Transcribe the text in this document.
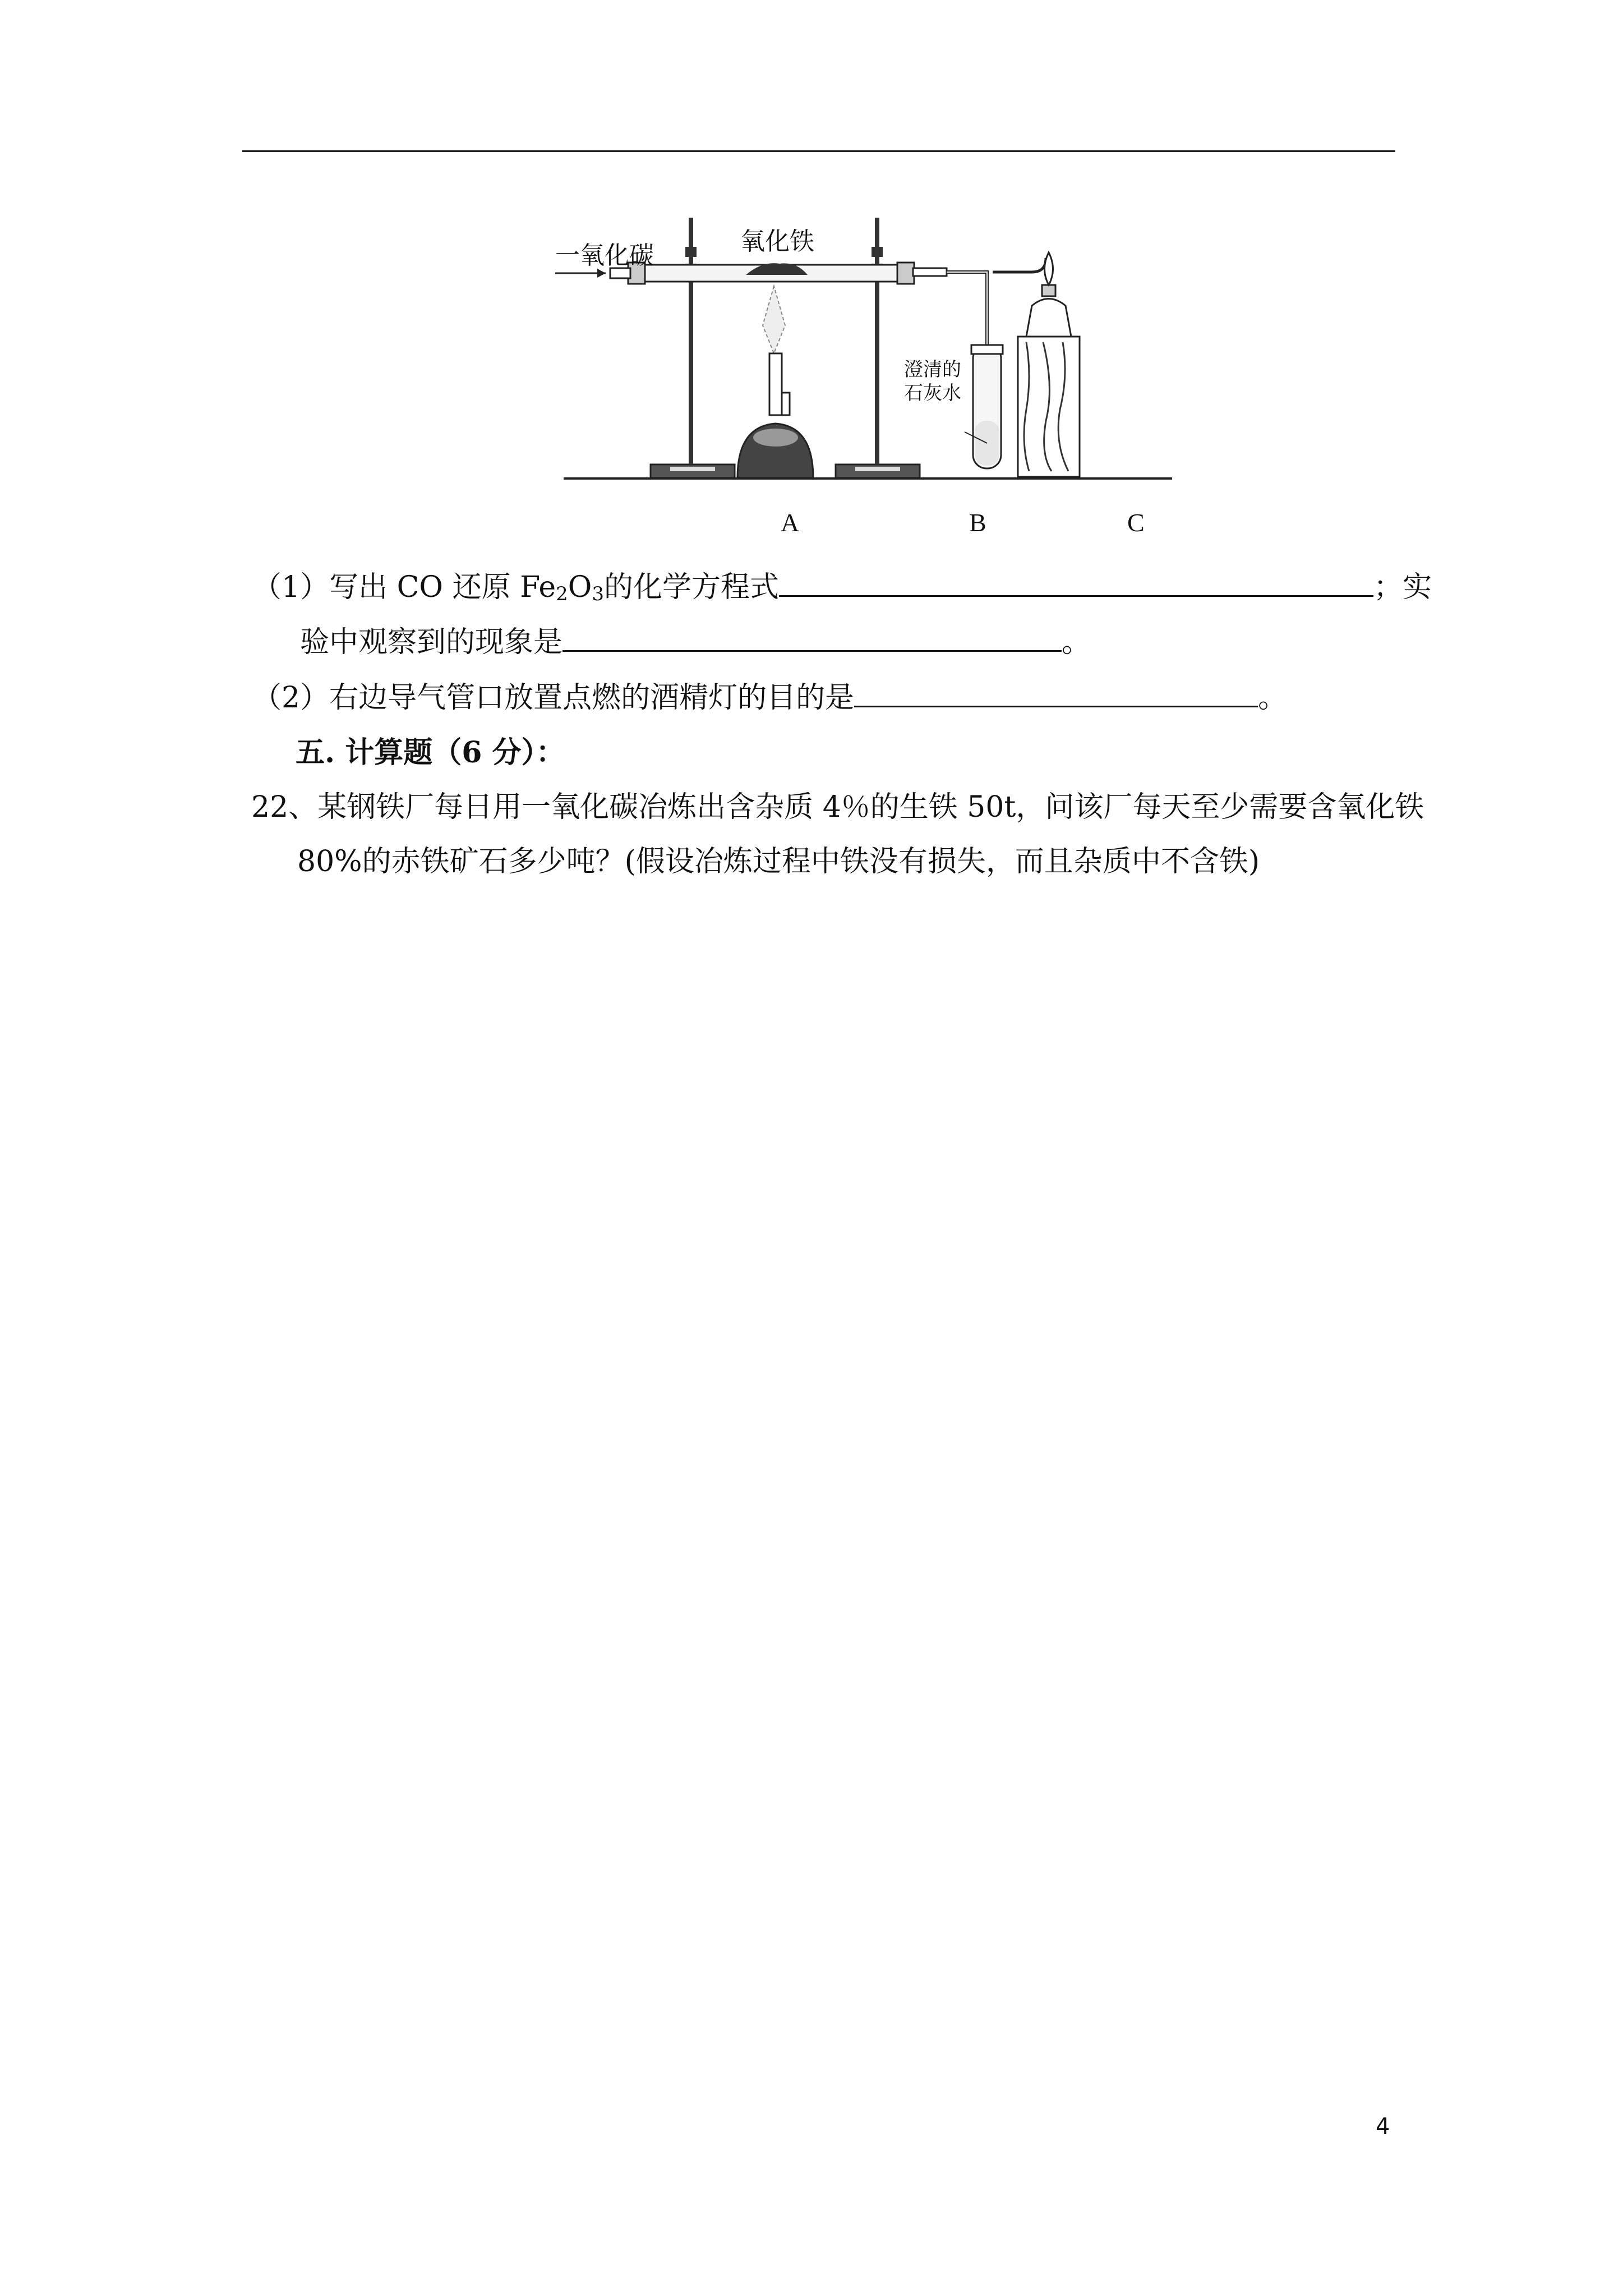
一氧化碳	氧化铁
澄清的
石灰水
A	B	C
（1）写出 CO 还原 $Fe_2O_3$的化学方程式	；实
验中观察到的现象是	。
（2）右边导气管口放置点燃的酒精灯的目的是	。
五. 计算题（6 分）：
22、某钢铁厂每日用一氧化碳冶炼出含杂质 4％的生铁 50t，问该厂每天至少需要含氧化铁
80%的赤铁矿石多少吨？(假设冶炼过程中铁没有损失，而且杂质中不含铁)
4
